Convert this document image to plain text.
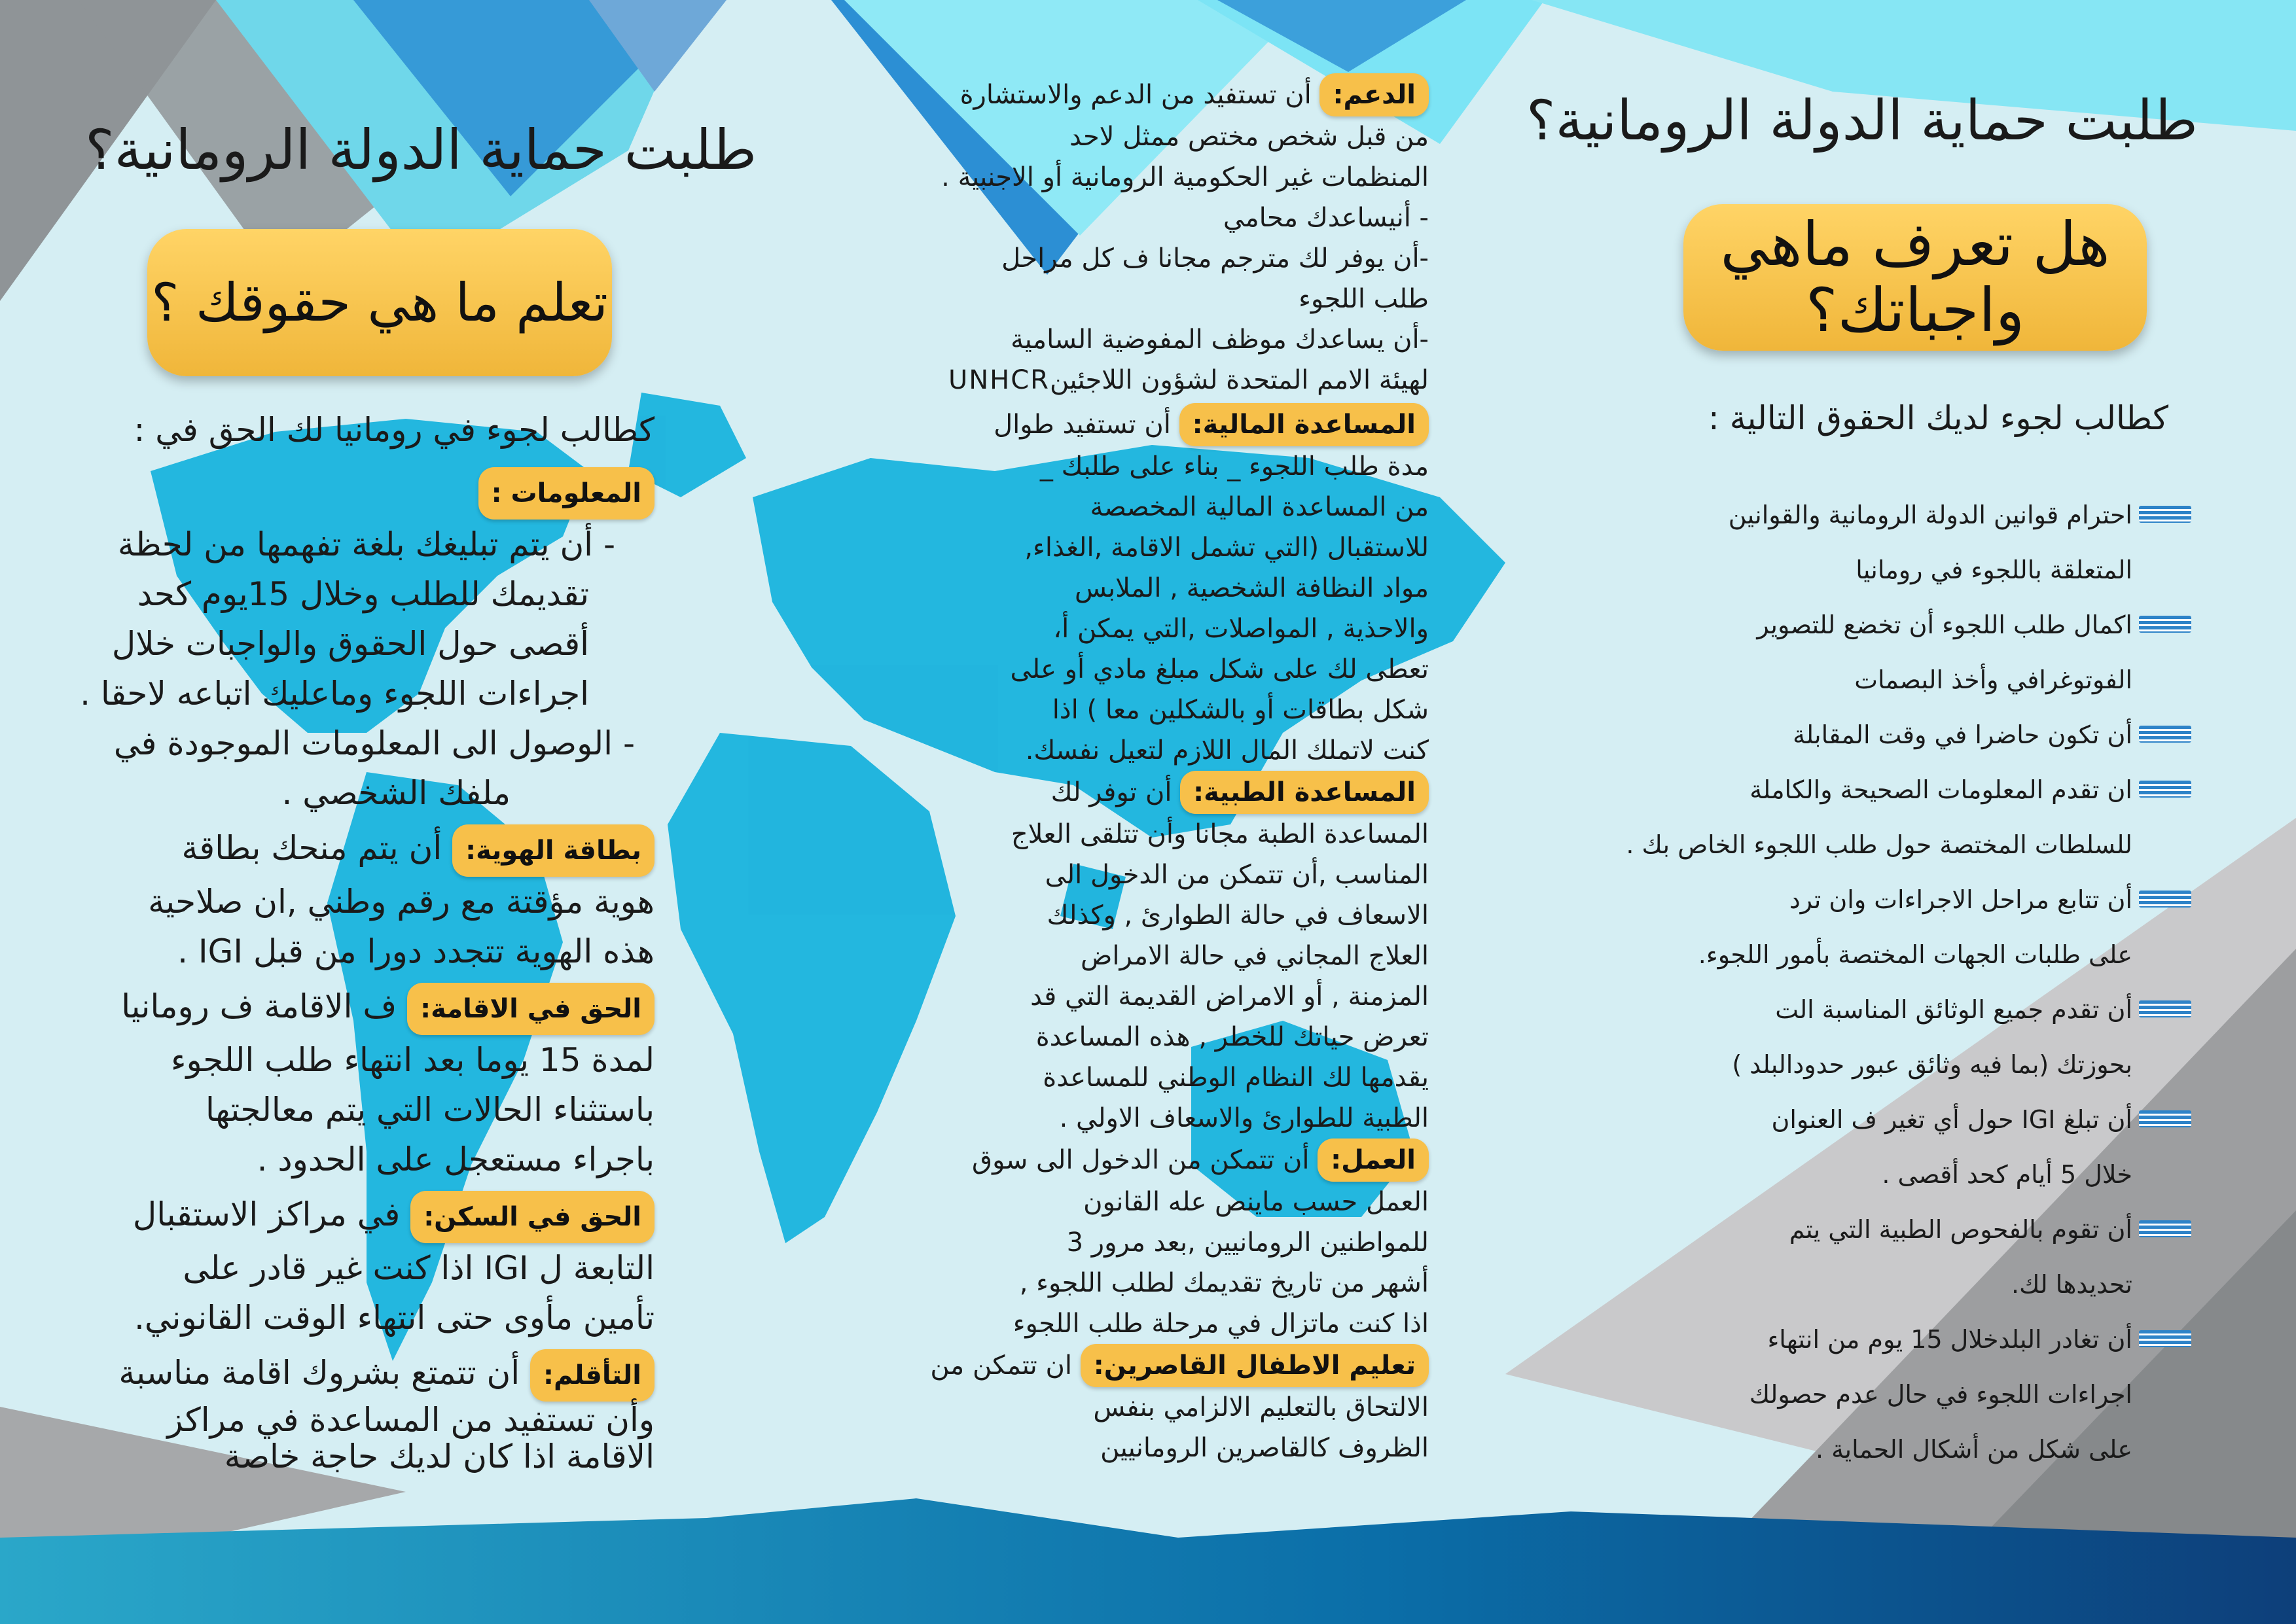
طلبت حماية الدولة الرومانية؟
هل تعرف ماهي
واجباتك؟
كطالب لجوء لديك الحقوق التالية :
احترام قوانين الدولة الرومانية والقوانين
المتعلقة باللجوء في رومانيا
اكمال طلب اللجوء أن تخضع للتصوير
الفوتوغرافي وأخذ البصمات
أن تكون حاضرا في وقت المقابلة
ان تقدم المعلومات الصحيحة والكاملة
للسلطات المختصة حول طلب اللجوء الخاص بك .
أن تتابع مراحل الاجراءات وان ترد
على طلبات الجهات المختصة بأمور اللجوء.
أن تقدم جميع الوثائق المناسبة الت
بحوزتك (بما فيه وثائق عبور حدودالبلد )
أن تبلغ IGI حول أي تغير ف العنوان
خلال 5 أيام كحد أقصى .
أن تقوم بالفحوص الطبية التي يتم
تحديدها لك.
أن تغادر البلدخلال 15 يوم من انتهاء
اجراءات اللجوء في حال عدم حصولك
على شكل من أشكال الحماية .

الدعم: أن تستفيد من الدعم والاستشارة

من قبل شخص مختص ممثل لاحد

المنظمات غير الحكومية الرومانية أو الاجنبية .

- أنيساعدك محامي

-أن يوفر لك مترجم مجانا ف كل مراحل

طلب اللجوء

-أن يساعدك موظف المفوضية السامية

لهيئة الامم المتحدة لشؤون اللاجئينUNHCR

المساعدة المالية: أن تستفيد طوال

مدة طلب اللجوء _ بناء على طلبك _

من المساعدة المالية المخصصة

للاستقبال (التي تشمل الاقامة ,الغذاء,

مواد النظافة الشخصية , الملابس

والاحذية , المواصلات ,التي يمكن أ،

تعطى لك على شكل مبلغ مادي أو على

شكل بطاقات أو بالشكلين معا ) اذا

كنت لاتملك المال اللازم لتعيل نفسك.

المساعدة الطبية: أن توفر لك

المساعدة الطبة مجانا وأن تتلقى العلاج

المناسب ,أن تتمكن من الدخول الى

الاسعاف في حالة الطوارئ , وكذلك

العلاج المجاني في حالة الامراض

المزمنة , أو الامراض القديمة التي قد

تعرض حياتك للخطر , هذه المساعدة

يقدمها لك النظام الوطني للمساعدة

الطبية للطوارئ والاسعاف الاولي .

العمل: أن تتمكن من الدخول الى سوق

العمل حسب ماينص عله القانون

للمواطنين الرومانيين ,بعد مرور 3

أشهر من تاريخ تقديمك لطلب اللجوء ,

اذا كنت ماتزال في مرحلة طلب اللجوء

تعليم الاطفال القاصرين: ان تتمكن من

الالتحاق بالتعليم الالزامي بنفس

الظروف كالقاصرين الرومانيين

طلبت حماية الدولة الرومانية؟
تعلم ما هي حقوقك ؟
كطالب لجوء في رومانيا لك الحق في :

المعلومات :

- أن يتم تبليغك بلغة تفهمها من لحظة

تقديمك للطلب وخلال 15يوم كحد

أقصى حول الحقوق والواجبات خلال

اجراءات اللجوء وماعليك اتباعه لاحقا .

- الوصول الى المعلومات الموجودة في

ملفك الشخصي .

بطاقة الهوية: أن يتم منحك بطاقة

هوية مؤقتة مع رقم وطني ,ان صلاحية

هذه الهوية تتجدد دورا من قبل IGI .

الحق في الاقامة: ف الاقامة ف رومانيا

لمدة 15 يوما بعد انتهاء طلب اللجوء

باستثناء الحالات التي يتم معالجتها

باجراء مستعجل على الحدود .

الحق في السكن: في مراكز الاستقبال

التابعة ل IGI اذا كنت غير قادر على

تأمين مأوى حتى انتهاء الوقت القانوني.

التأقلم: أن تتمتع بشروك اقامة مناسبة

وأن تستفيد من المساعدة في مراكز

الاقامة اذا كان لديك حاجة خاصة
